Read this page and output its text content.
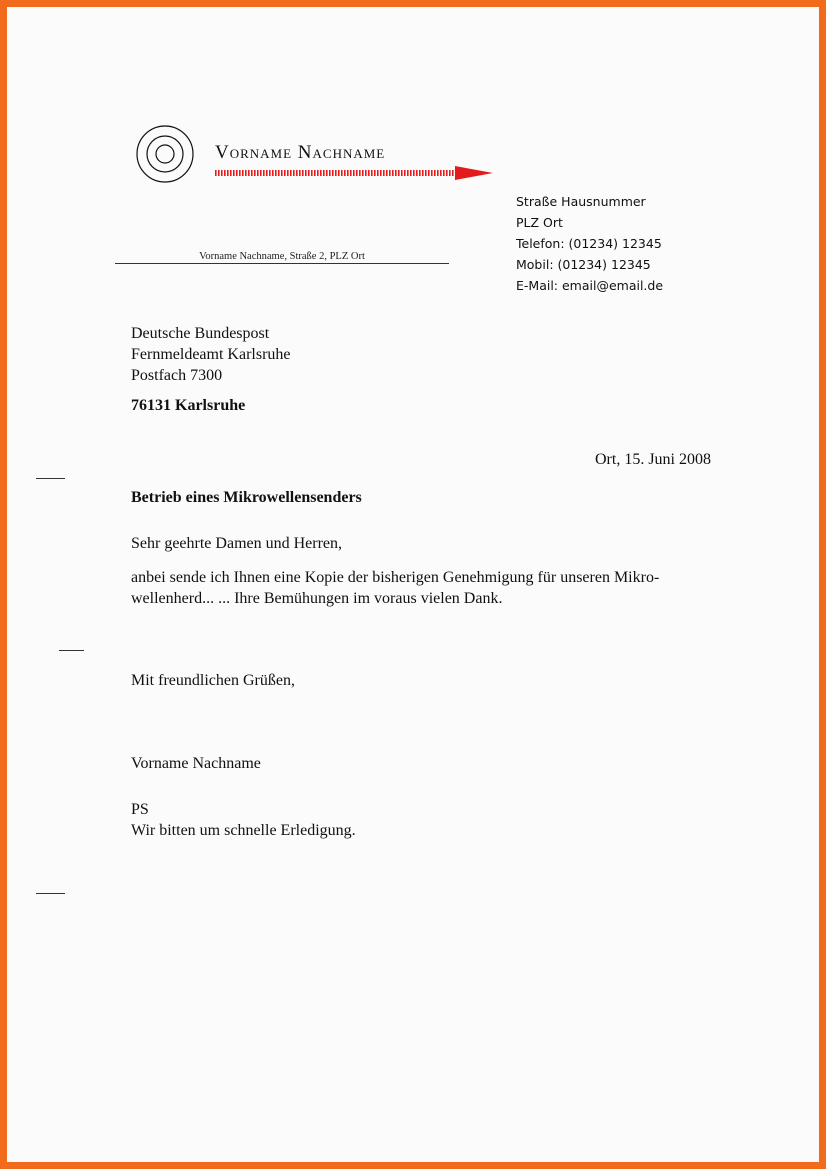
Vorname Nachname
Straße Hausnummer
PLZ Ort
Telefon: (01234) 12345
Mobil: (01234) 12345
E-Mail: email@email.de
Vorname Nachname, Straße 2, PLZ Ort
Deutsche Bundespost
Fernmeldeamt Karlsruhe
Postfach 7300
76131 Karlsruhe
Ort, 15. Juni 2008
Betrieb eines Mikrowellensenders
Sehr geehrte Damen und Herren,
anbei sende ich Ihnen eine Kopie der bisherigen Genehmigung für unseren Mikro-
wellenherd... ... Ihre Bemühungen im voraus vielen Dank.
Mit freundlichen Grüßen,
Vorname Nachname
PS
Wir bitten um schnelle Erledigung.
